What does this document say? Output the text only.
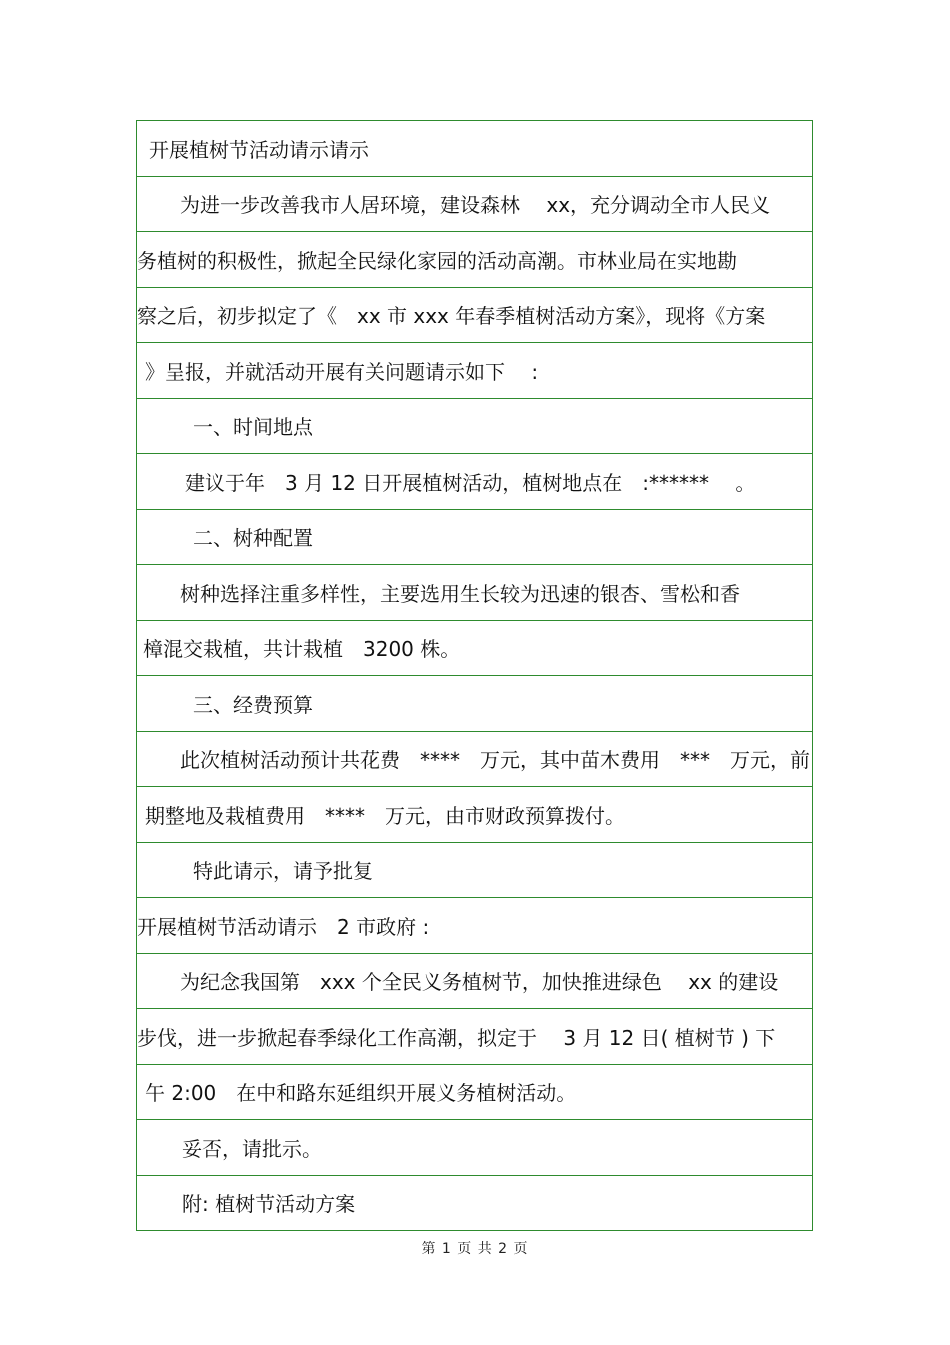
开展植树节活动请示请示
为进一步改善我市人居环境，建设森林　 xx，充分调动全市人民义
务植树的积极性，掀起全民绿化家园的活动高潮。市林业局在实地勘
察之后，初步拟定了《　xx 市 xxx 年春季植树活动方案》，现将《方案
》呈报，并就活动开展有关问题请示如下　 :
一、时间地点
建议于年　3 月 12 日开展植树活动，植树地点在　:******　 。
二、树种配置
树种选择注重多样性，主要选用生长较为迅速的银杏、雪松和香
樟混交栽植，共计栽植　3200 株。
三、经费预算
此次植树活动预计共花费　****　万元，其中苗木费用　***　万元，前
期整地及栽植费用　****　万元，由市财政预算拨付。
特此请示，请予批复
开展植树节活动请示　2 市政府 :
为纪念我国第　xxx 个全民义务植树节，加快推进绿色　 xx 的建设
步伐，进一步掀起春季绿化工作高潮，拟定于　 3 月 12 日( 植树节 ) 下
午 2:00　在中和路东延组织开展义务植树活动。
妥否，请批示。
附: 植树节活动方案
第 1 页 共 2 页
